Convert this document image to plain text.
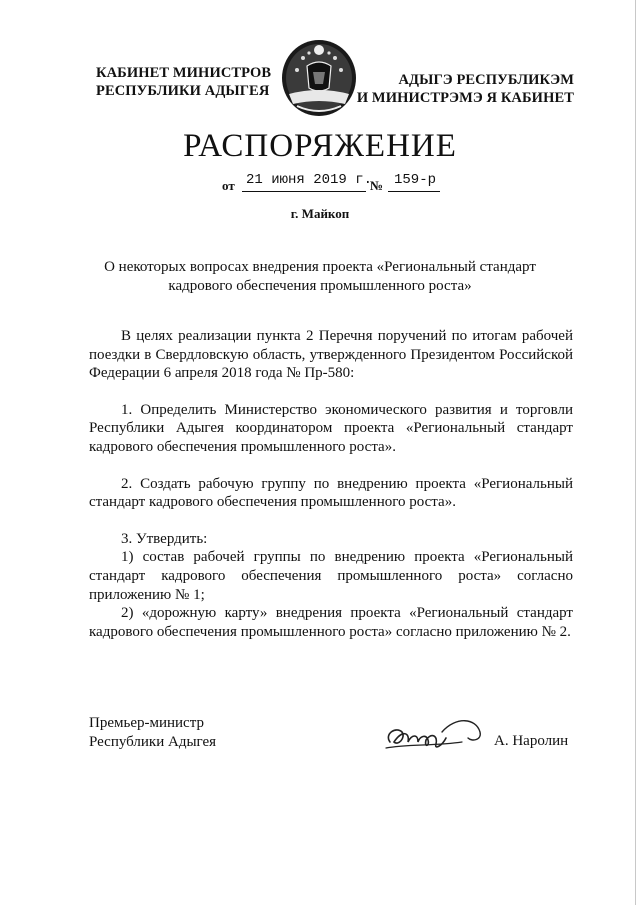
КАБИНЕТ МИНИСТРОВ
РЕСПУБЛИКИ АДЫГЕЯ
АДЫГЭ РЕСПУБЛИКЭМ
И МИНИСТРЭМЭ Я КАБИНЕТ
РАСПОРЯЖЕНИЕ
от 21 июня 2019 г.
№ 159-р
г. Майкоп
О некоторых вопросах внедрения проекта «Региональный стандарт кадрового обеспечения промышленного роста»

В целях реализации пункта 2 Перечня поручений по итогам рабочей поездки в Свердловскую область, утвержденного Президентом Российской Федерации 6 апреля 2018 года № Пр-580:

1. Определить Министерство экономического развития и торговли Республики Адыгея координатором проекта «Региональный стандарт кадрового обеспечения промышленного роста».

2. Создать рабочую группу по внедрению проекта «Региональный стандарт кадрового обеспечения промышленного роста».

3. Утвердить:

1) состав рабочей группы по внедрению проекта «Региональный стандарт кадрового обеспечения промышленного роста» согласно приложению № 1;

2) «дорожную карту» внедрения проекта «Региональный стандарт кадрового обеспечения промышленного роста» согласно приложению № 2.

Премьер-министр
Республики Адыгея	А. Наролин
